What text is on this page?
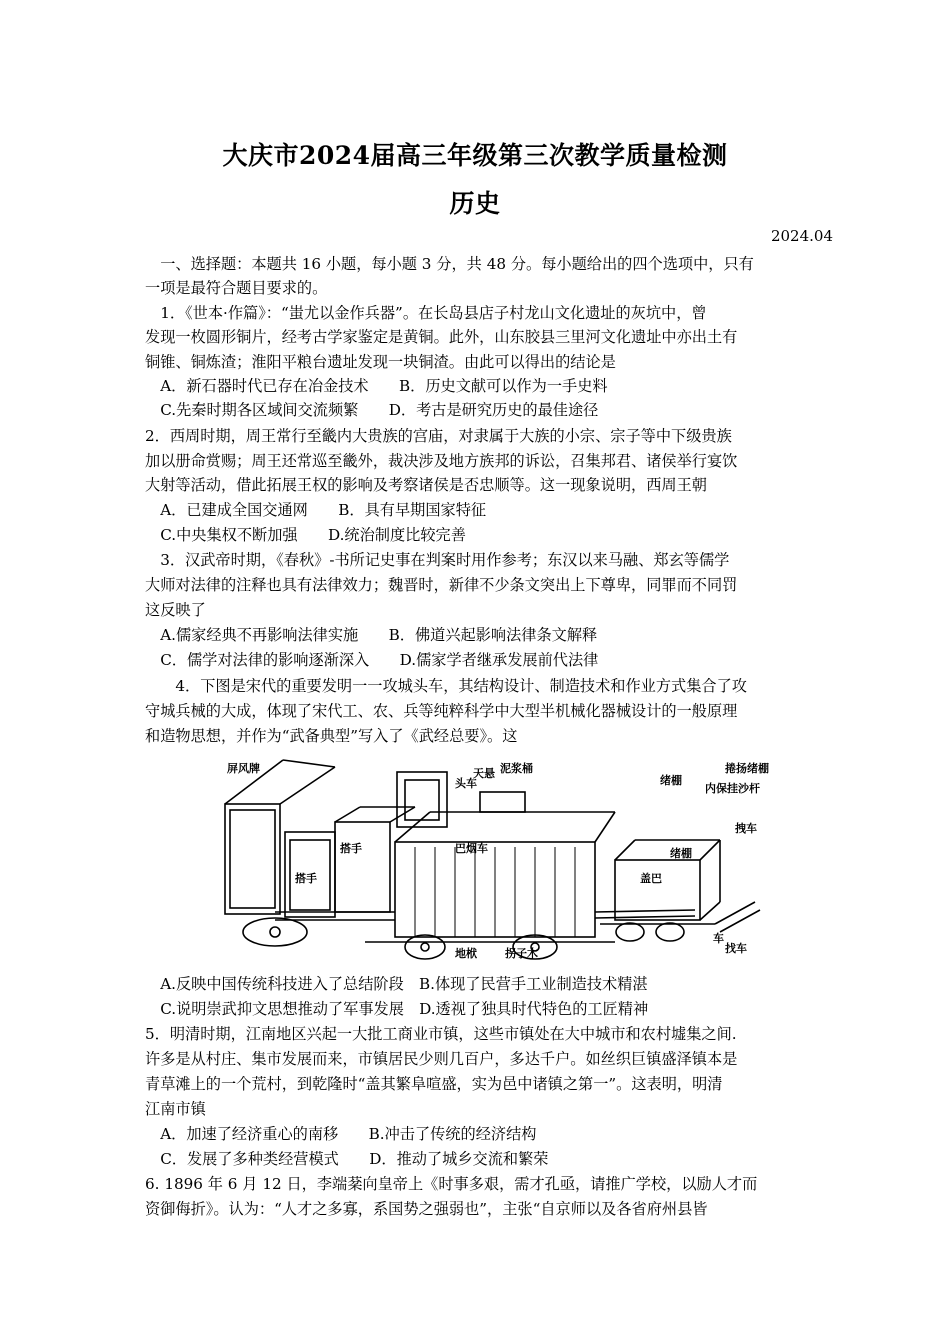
大庆市2024届高三年级第三次教学质量检测
历史
2024.04
　一、选择题：本题共 16 小题，每小题 3 分，共 48 分。每小题给出的四个选项中，只有
一项是最符合题目要求的。
　1．《世本·作篇》：“蚩尤以金作兵器”。在长岛县店子村龙山文化遗址的灰坑中，曾
发现一枚圆形铜片，经考古学家鉴定是黄铜。此外，山东胶县三里河文化遗址中亦出土有
铜锥、铜炼渣；淮阳平粮台遗址发现一块铜渣。由此可以得出的结论是
　A．新石器时代已存在冶金技术　　B．历史文献可以作为一手史料
　C.先秦时期各区域间交流频繁　　D．考古是研究历史的最佳途径
2．西周时期，周王常行至畿内大贵族的宫庙，对隶属于大族的小宗、宗子等中下级贵族
加以册命赏赐；周王还常巡至畿外，裁决涉及地方族邦的诉讼，召集邦君、诸侯举行宴饮
大射等活动，借此拓展王权的影响及考察诸侯是否忠顺等。这一现象说明，西周王朝
　A．已建成全国交通网　　B．具有早期国家特征
　C.中央集权不断加强　　D.统治制度比较完善
　3．汉武帝时期，《春秋》-书所记史事在判案时用作参考；东汉以来马融、郑玄等儒学
大师对法律的注释也具有法律效力；魏晋时，新律不少条文突出上下尊卑，同罪而不同罚
这反映了
　A.儒家经典不再影响法律实施　　B．佛道兴起影响法律条文解释
　C．儒学对法律的影响逐渐深入　　D.儒家学者继承发展前代法律
　　4．下图是宋代的重要发明一一攻城头车，其结构设计、制造技术和作业方式集合了攻
守城兵械的大成，体现了宋代工、农、兵等纯粹科学中大型半机械化器械设计的一般原理
和造物思想，并作为“武备典型”写入了《武经总要》。这
屏风牌
头车
天悬 泥浆桶
绪棚
拽车
搭手
搭手
巴烟车
地栿	拐子木
内保挂沙杆
找车
捲扬绪棚
盖巴
绪棚
车
　A.反映中国传统科技进入了总结阶段　B.体现了民营手工业制造技术精湛
　C.说明崇武抑文思想推动了军事发展　D.透视了独具时代特色的工匠精神
5．明清时期，江南地区兴起一大批工商业市镇，这些市镇处在大中城市和农村墟集之间.
许多是从村庄、集市发展而来，市镇居民少则几百户，多达千户。如丝织巨镇盛泽镇本是
青草滩上的一个荒村，到乾隆时“盖其繁阜喧盛，实为邑中诸镇之第一”。这表明，明清
江南市镇
　A．加速了经济重心的南移　　B.冲击了传统的经济结构
　C．发展了多种类经营模式　　D．推动了城乡交流和繁荣
6. 1896 年 6 月 12 日，李端棻向皇帝上《时事多艰，需才孔亟，请推广学校，以励人才而
资御侮折》。认为：“人才之多寡，系国势之强弱也”，主张“自京师以及各省府州县皆
